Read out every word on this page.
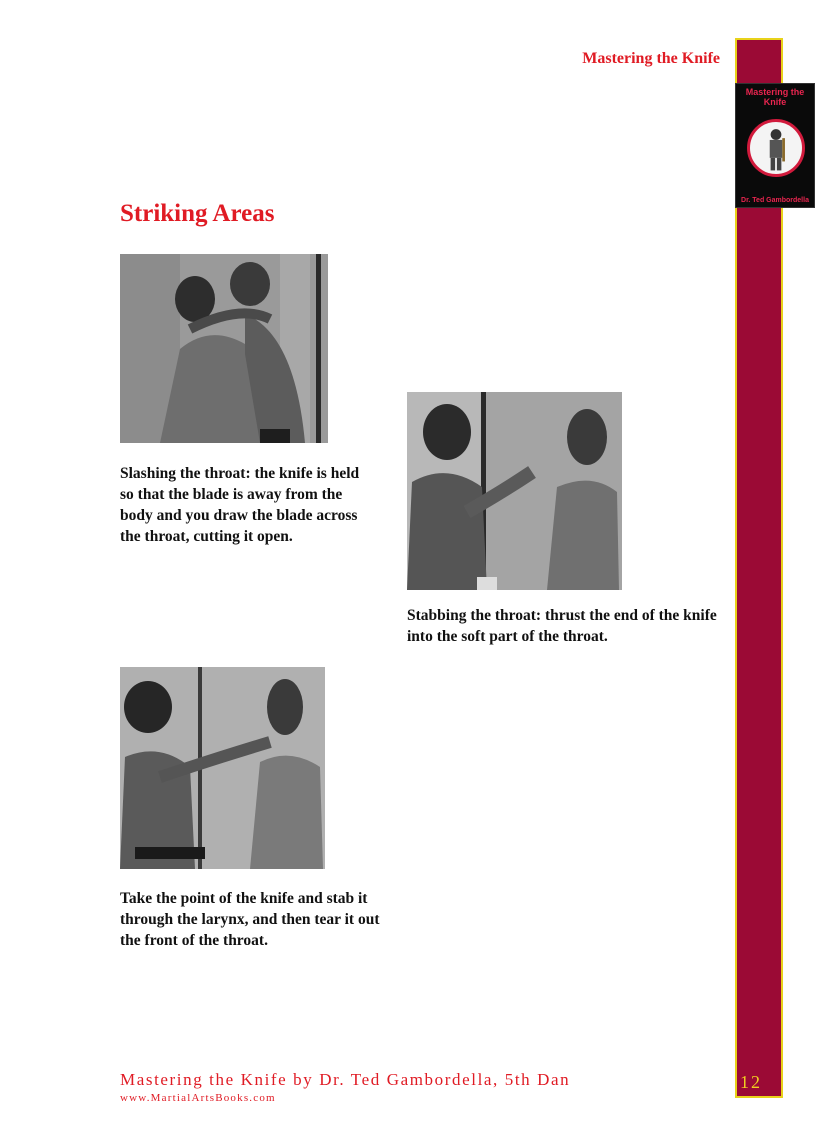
12
Mastering the Knife
Dr. Ted Gambordella
Mastering the Knife
Striking Areas

Slashing the throat: the knife is held so that the blade is away from the body and you draw the blade across the throat, cutting it open.

Stabbing the throat: thrust the end of the knife into the soft part of the throat.

Take the point of the knife and stab it through the larynx, and then tear it out the front of the throat.

Mastering the Knife by Dr. Ted Gambordella, 5th Dan
www.MartialArtsBooks.com
